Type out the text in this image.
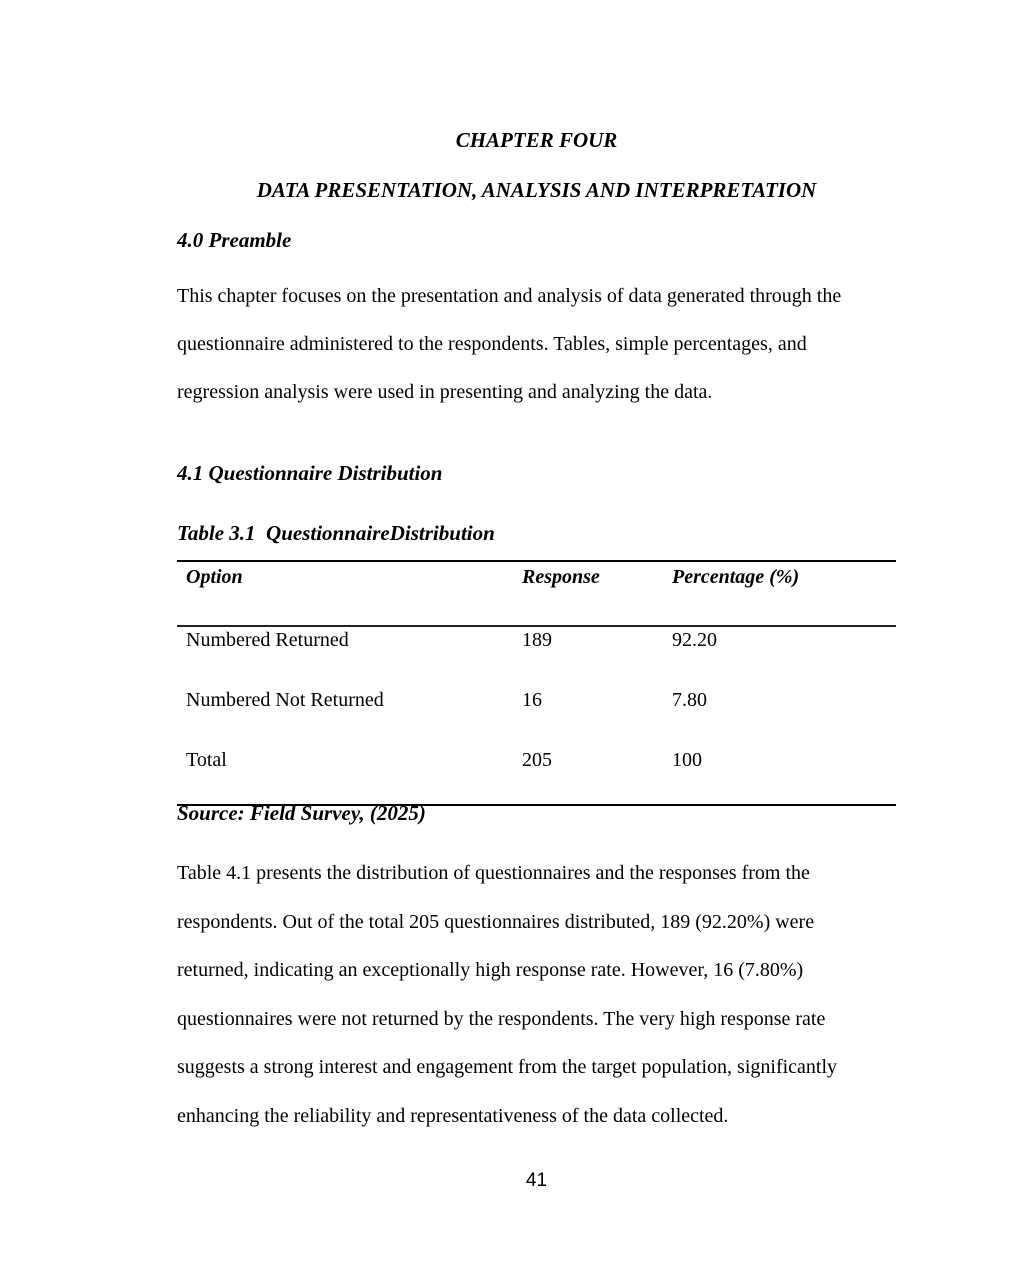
CHAPTER FOUR
DATA PRESENTATION, ANALYSIS AND INTERPRETATION
4.0 Preamble
This chapter focuses on the presentation and analysis of data generated through the
questionnaire administered to the respondents. Tables, simple percentages, and
regression analysis were used in presenting and analyzing the data.
4.1 Questionnaire Distribution
Table 3.1  QuestionnaireDistribution
Option	Response	Percentage (%)
Numbered Returned	189	92.20
Numbered Not Returned	16	7.80
Total	205	100
Source: Field Survey, (2025)
Table 4.1 presents the distribution of questionnaires and the responses from the
respondents. Out of the total 205 questionnaires distributed, 189 (92.20%) were
returned, indicating an exceptionally high response rate. However, 16 (7.80%)
questionnaires were not returned by the respondents. The very high response rate
suggests a strong interest and engagement from the target population, significantly
enhancing the reliability and representativeness of the data collected.
41
